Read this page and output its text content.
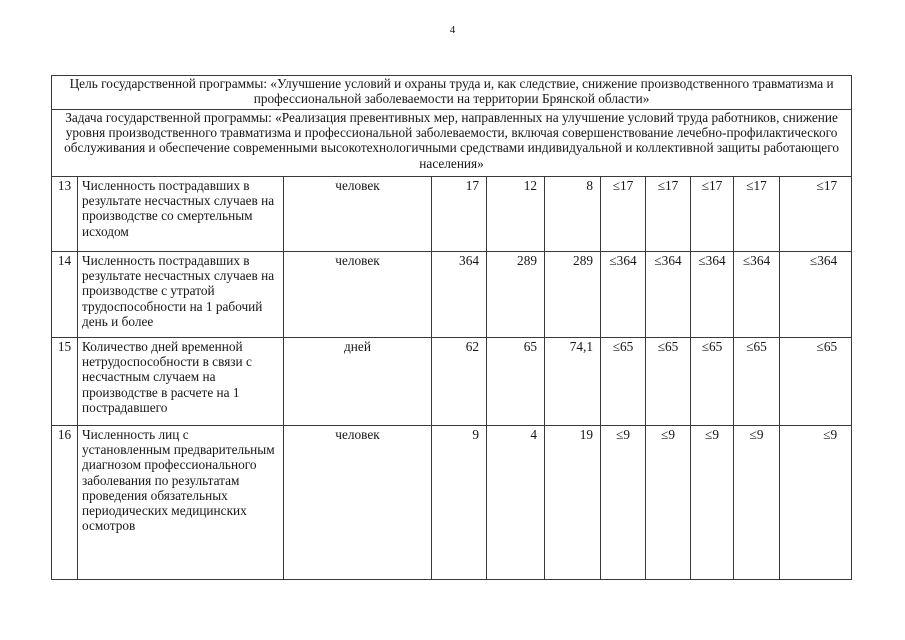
4
Цель государственной программы: «Улучшение условий и охраны труда и, как следствие, снижение производственного травматизма и профессиональной заболеваемости на территории Брянской области»										
Задача государственной программы: «Реализация превентивных мер, направленных на улучшение условий труда работников, снижение уровня производственного травматизма и профессиональной заболеваемости, включая совершенствование лечебно-профилактического обслуживания и обеспечение современными высокотехнологичными средствами индивидуальной и коллективной защиты работающего населения»										
13	Численность пострадавших в результате несчастных случаев на производстве со смертельным исходом	человек	17	12	8	≤17	≤17	≤17	≤17	≤17
14	Численность пострадавших в результате несчастных случаев на производстве с утратой трудоспособности на 1 рабочий день и более	человек	364	289	289	≤364	≤364	≤364	≤364	≤364
15	Количество дней временной нетрудоспособности в связи с несчастным случаем на производстве в расчете на 1 пострадавшего	дней	62	65	74,1	≤65	≤65	≤65	≤65	≤65
16	Численность лиц с установленным предварительным диагнозом профессионального заболевания по результатам проведения обязательных периодических медицинских осмотров	человек	9	4	19	≤9	≤9	≤9	≤9	≤9
